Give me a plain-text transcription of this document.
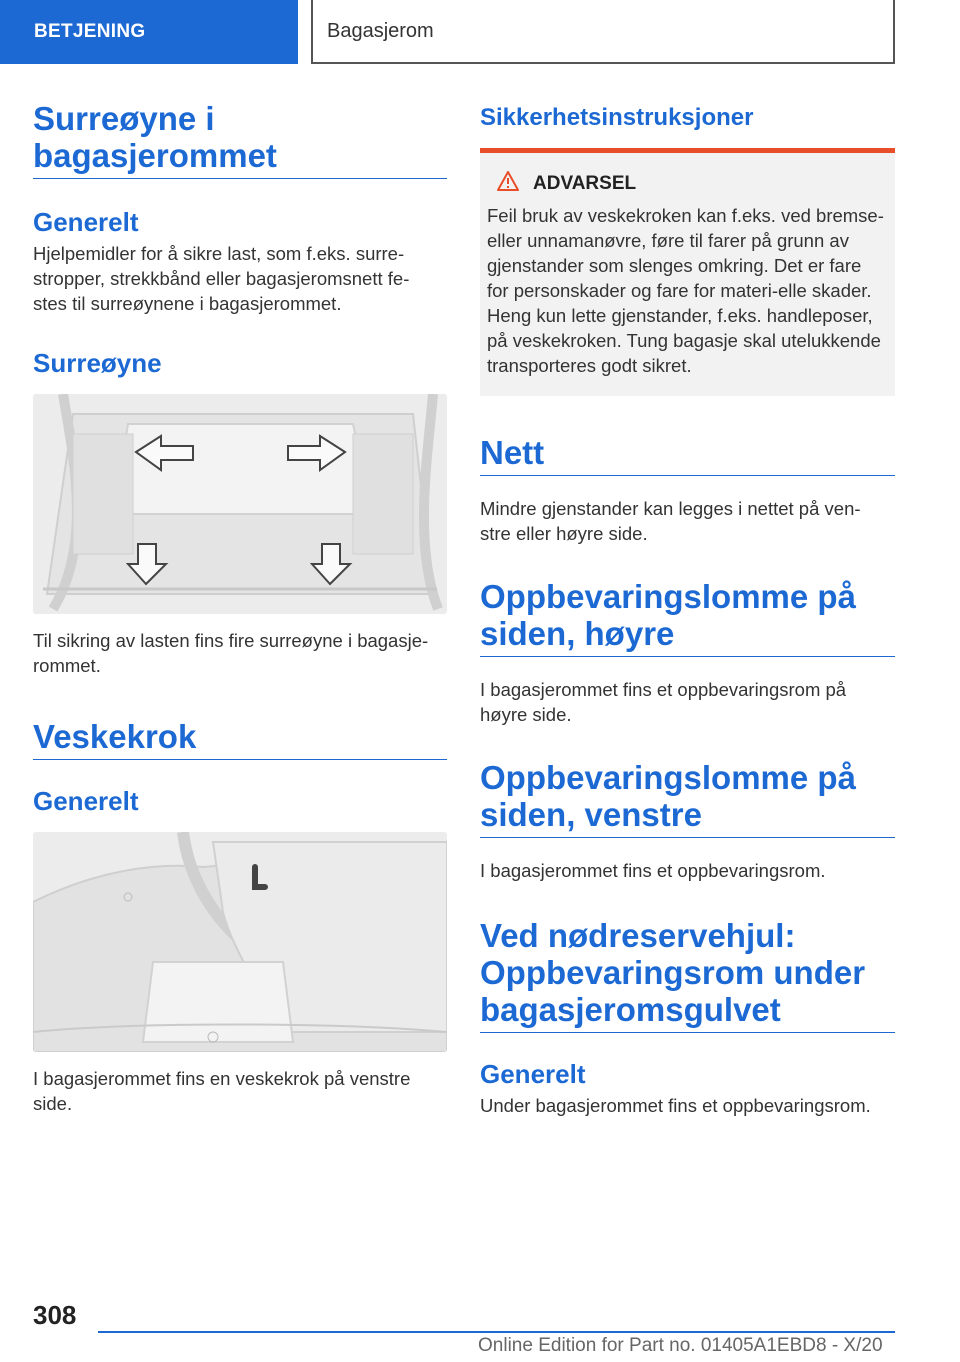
BETJENING	Bagasjerom
Surreøyne i bagasjerommet
Generelt

Hjelpemidler for å sikre last, som f.eks. surre-stropper, strekkbånd eller bagasjeromsnett fe-stes til surreøynene i bagasjerommet.

Surreøyne

Til sikring av lasten fins fire surreøyne i bagasje-rommet.

Veskekrok
Generelt

I bagasjerommet fins en veskekrok på venstre side.

Sikkerhetsinstruksjoner
ADVARSEL

Feil bruk av veskekroken kan f.eks. ved bremse- eller unnamanøvre, føre til farer på grunn av gjenstander som slenges omkring. Det er fare for personskader og fare for materi-elle skader. Heng kun lette gjenstander, f.eks. handleposer, på veskekroken. Tung bagasje skal utelukkende transporteres godt sikret.

Nett

Mindre gjenstander kan legges i nettet på ven-stre eller høyre side.

Oppbevaringslomme på siden, høyre

I bagasjerommet fins et oppbevaringsrom på høyre side.

Oppbevaringslomme på siden, venstre

I bagasjerommet fins et oppbevaringsrom.

Ved nødreservehjul: Oppbevaringsrom under bagasjeromsgulvet
Generelt

Under bagasjerommet fins et oppbevaringsrom.

308
Online Edition for Part no. 01405A1EBD8 - X/20
